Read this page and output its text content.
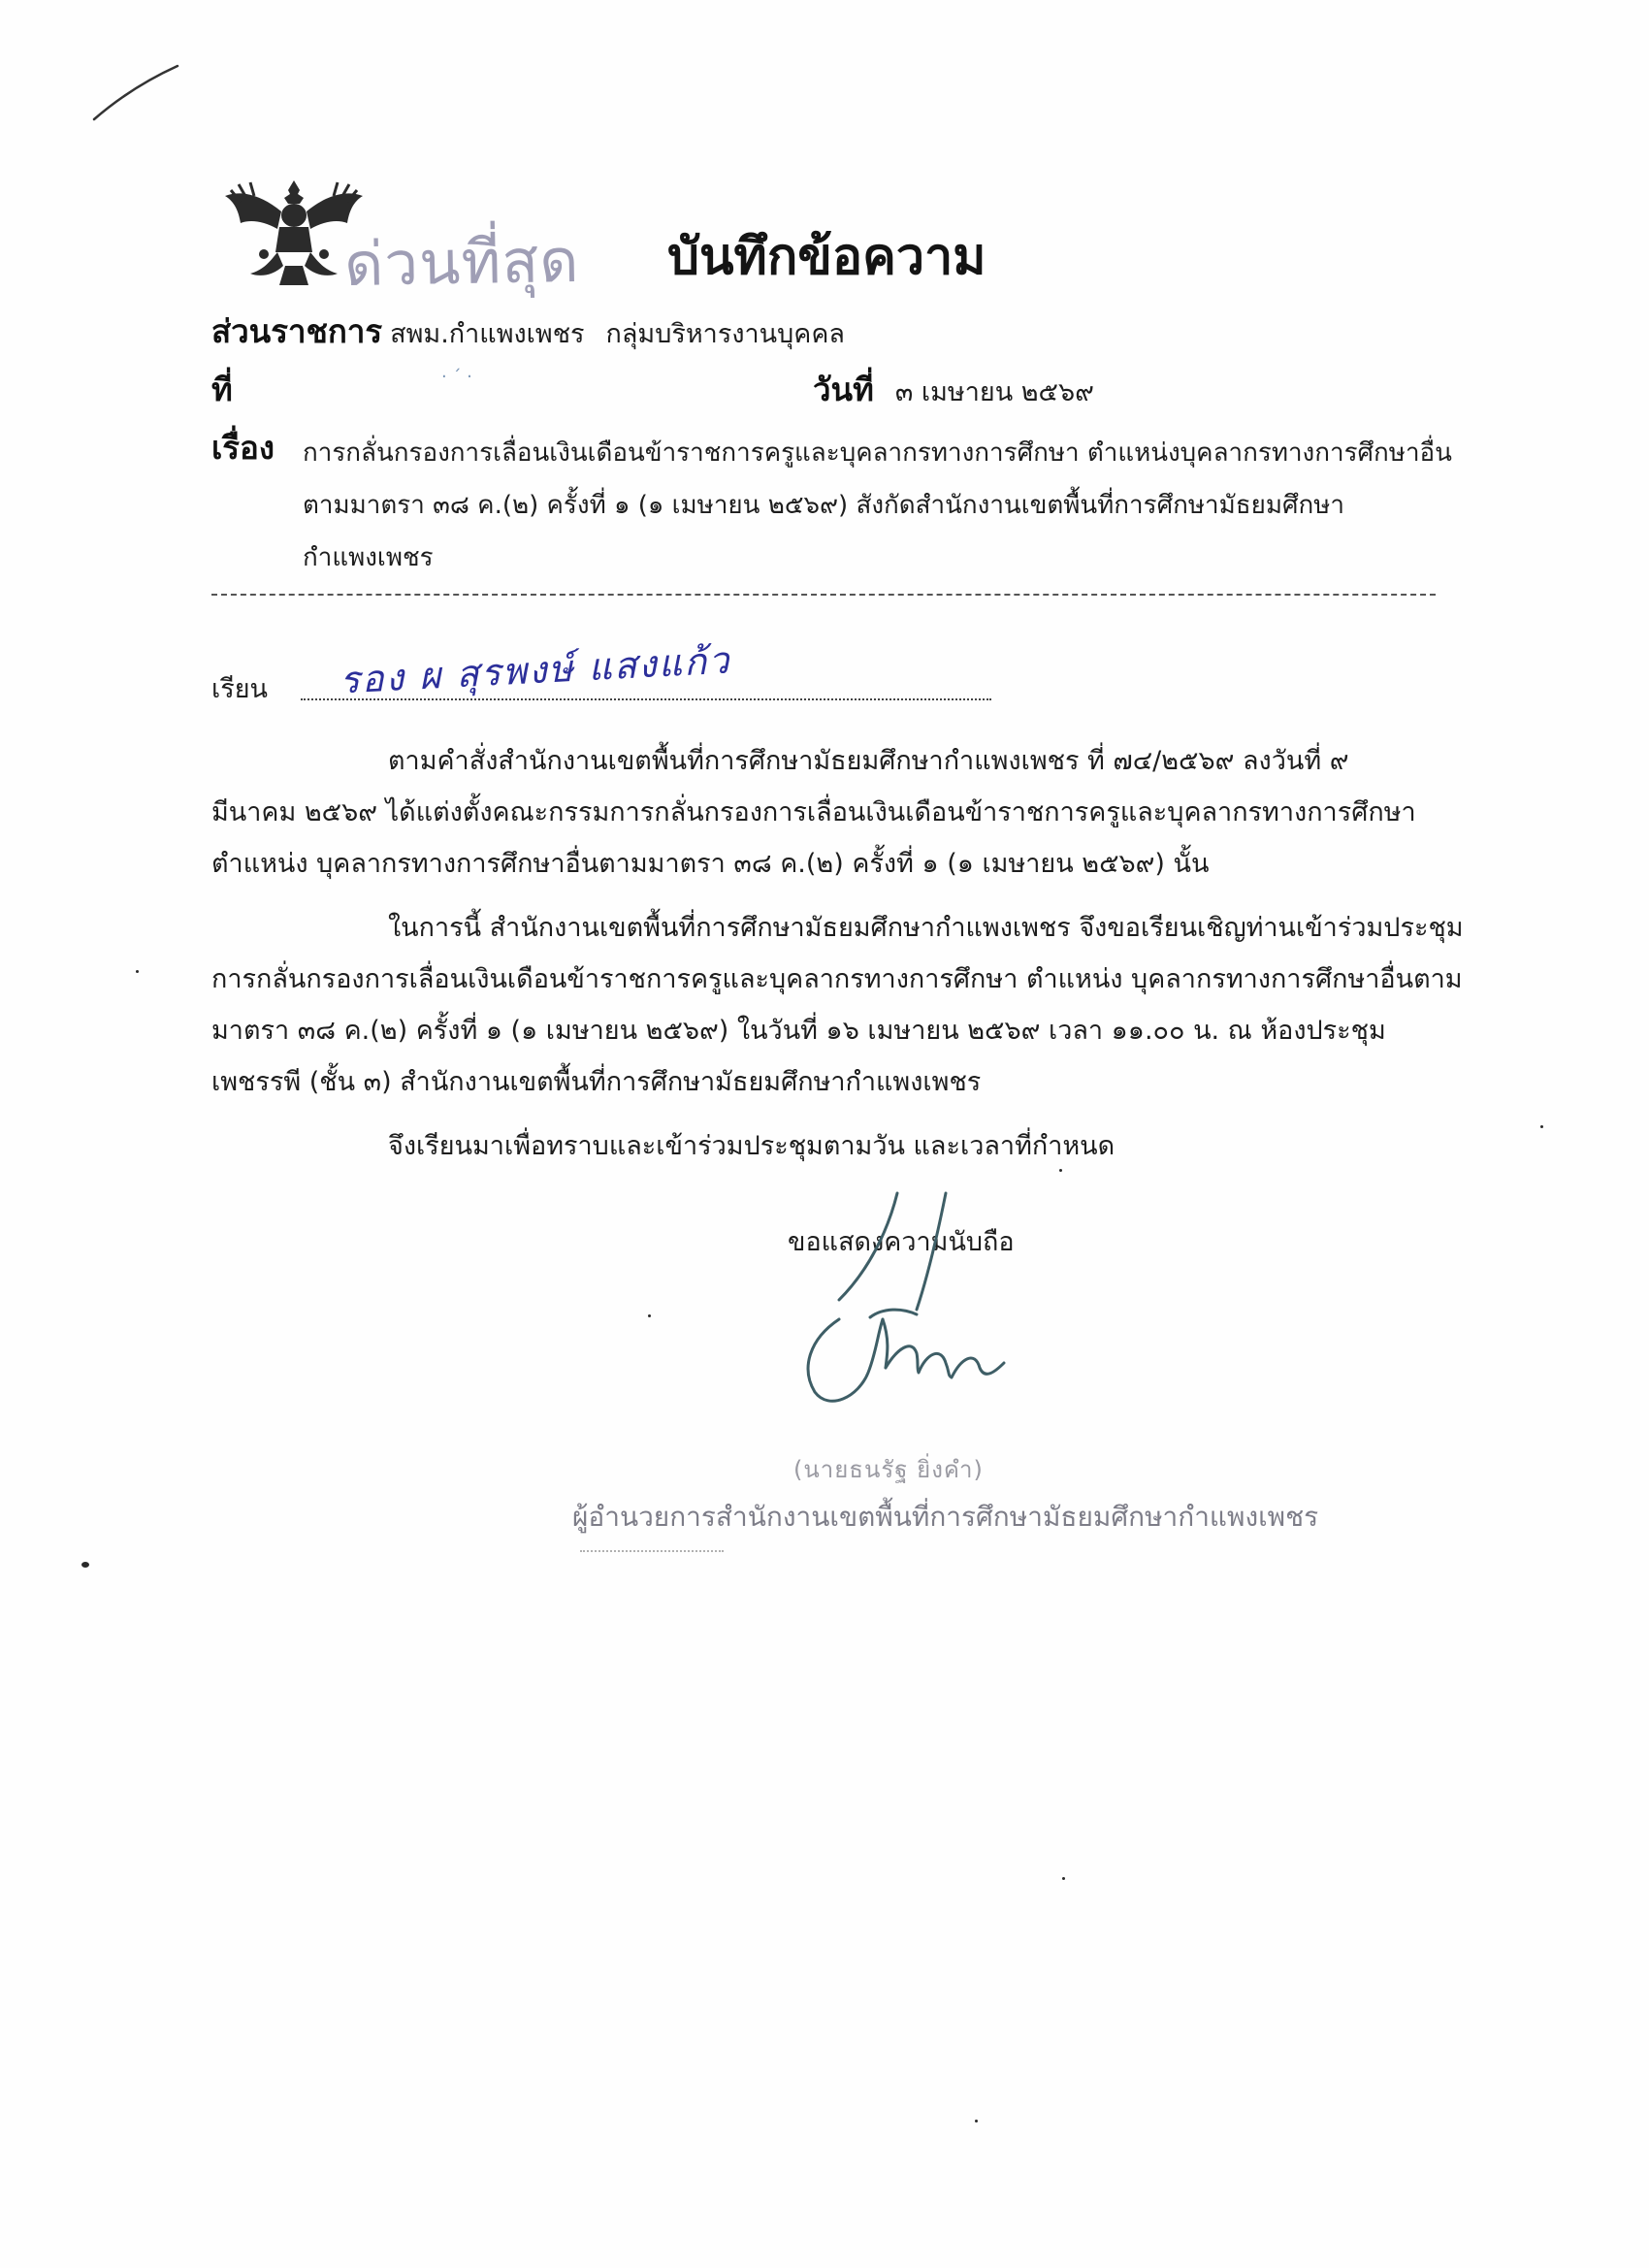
ด่วนที่สุด บันทึกข้อความ
ส่วนราชการ สพม.กำแพงเพชร กลุ่มบริหารงานบุคคล
ที่	· ´ ·	วันที่ ๓ เมษายน ๒๕๖๙
เรื่อง การกลั่นกรองการเลื่อนเงินเดือนข้าราชการครูและบุคลากรทางการศึกษา ตำแหน่งบุคลากรทางการศึกษาอื่น
ตามมาตรา ๓๘ ค.(๒) ครั้งที่ ๑ (๑ เมษายน ๒๕๖๙) สังกัดสำนักงานเขตพื้นที่การศึกษามัธยมศึกษา
กำแพงเพชร
เรียน รอง ผ สุรพงษ์ แสงแก้ว
ตามคำสั่งสำนักงานเขตพื้นที่การศึกษามัธยมศึกษากำแพงเพชร ที่ ๗๔/๒๕๖๙ ลงวันที่ ๙
มีนาคม ๒๕๖๙ ได้แต่งตั้งคณะกรรมการกลั่นกรองการเลื่อนเงินเดือนข้าราชการครูและบุคลากรทางการศึกษา
ตำแหน่ง บุคลากรทางการศึกษาอื่นตามมาตรา ๓๘ ค.(๒) ครั้งที่ ๑ (๑ เมษายน ๒๕๖๙) นั้น
ในการนี้ สำนักงานเขตพื้นที่การศึกษามัธยมศึกษากำแพงเพชร จึงขอเรียนเชิญท่านเข้าร่วมประชุม
การกลั่นกรองการเลื่อนเงินเดือนข้าราชการครูและบุคลากรทางการศึกษา ตำแหน่ง บุคลากรทางการศึกษาอื่นตาม
มาตรา ๓๘ ค.(๒) ครั้งที่ ๑ (๑ เมษายน ๒๕๖๙) ในวันที่ ๑๖ เมษายน ๒๕๖๙ เวลา ๑๑.๐๐ น. ณ ห้องประชุม
เพชรรพี (ชั้น ๓) สำนักงานเขตพื้นที่การศึกษามัธยมศึกษากำแพงเพชร
จึงเรียนมาเพื่อทราบและเข้าร่วมประชุมตามวัน และเวลาที่กำหนด
ขอแสดงความนับถือ
(นายธนรัฐ ยิ่งคำ)
ผู้อำนวยการสำนักงานเขตพื้นที่การศึกษามัธยมศึกษากำแพงเพชร
